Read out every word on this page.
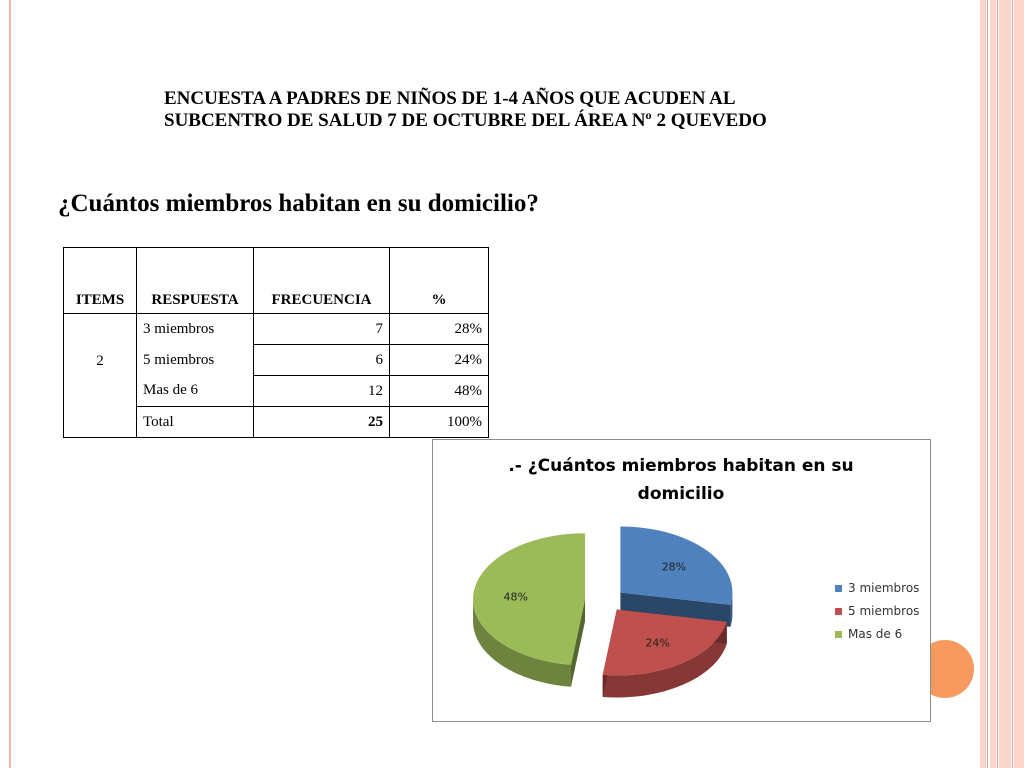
ENCUESTA A PADRES DE NIÑOS DE 1-4 AÑOS QUE ACUDEN AL SUBCENTRO DE SALUD 7 DE OCTUBRE DEL ÁREA Nº 2 QUEVEDO
¿Cuántos miembros habitan en su domicilio?
ITEMS	RESPUESTA	FRECUENCIA	%
2	3 miembros	7	28%
	5 miembros	6	24%
	Mas de 6	12	48%
	Total	25	100%
.- ¿Cuántos miembros habitan en su
domicilio
28%
24%
48%
3 miembros
5 miembros
Mas de 6
